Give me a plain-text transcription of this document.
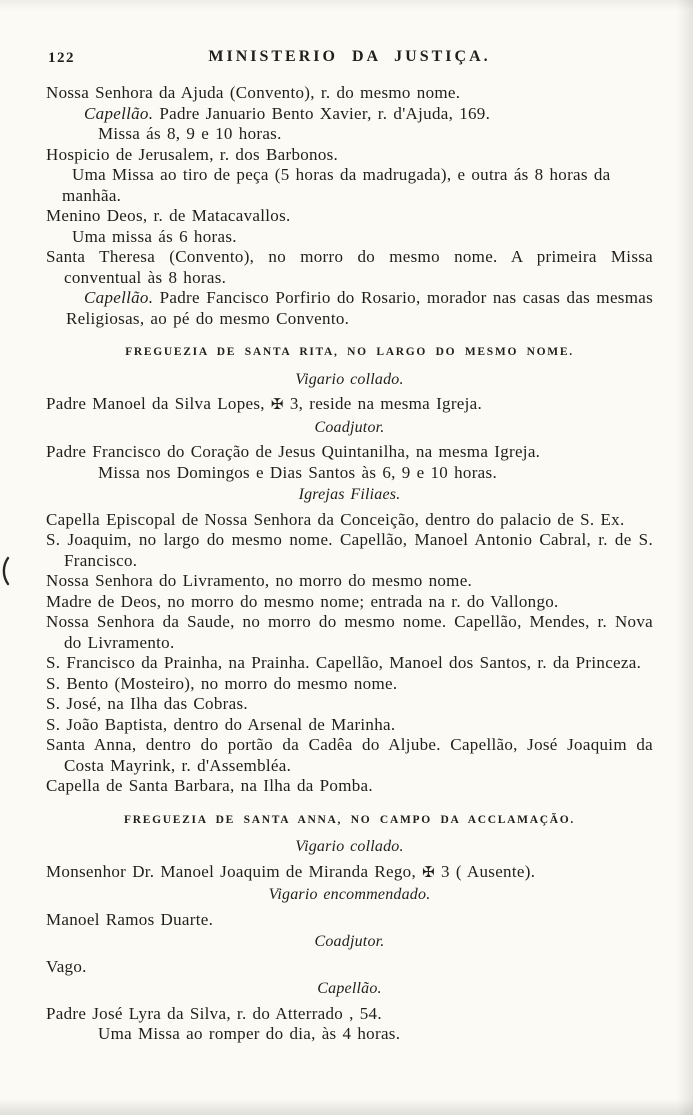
122	MINISTERIO DA JUSTIÇA.

Nossa Senhora da Ajuda (Convento), r. do mesmo nome.

Capellão. Padre Januario Bento Xavier, r. d'Ajuda, 169.

Missa ás 8, 9 e 10 horas.

Hospicio de Jerusalem, r. dos Barbonos.

Uma Missa ao tiro de peça (5 horas da madrugada), e outra ás 8 horas da manhãa.

Menino Deos, r. de Matacavallos.

Uma missa ás 6 horas.

Santa Theresa (Convento), no morro do mesmo nome. A primeira Missa conventual às 8 horas.

Capellão. Padre Fancisco Porfirio do Rosario, morador nas casas das mesmas Religiosas, ao pé do mesmo Convento.

FREGUEZIA DE SANTA RITA, NO LARGO DO MESMO NOME.

Vigario collado.

Padre Manoel da Silva Lopes, ✠ 3, reside na mesma Igreja.

Coadjutor.

Padre Francisco do Coração de Jesus Quintanilha, na mesma Igreja.

Missa nos Domingos e Dias Santos às 6, 9 e 10 horas.

Igrejas Filiaes.

Capella Episcopal de Nossa Senhora da Conceição, dentro do palacio de S. Ex.

S. Joaquim, no largo do mesmo nome. Capellão, Manoel Antonio Cabral, r. de S. Francisco.

Nossa Senhora do Livramento, no morro do mesmo nome.

Madre de Deos, no morro do mesmo nome; entrada na r. do Vallongo.

Nossa Senhora da Saude, no morro do mesmo nome. Capellão, Mendes, r. Nova do Livramento.

S. Francisco da Prainha, na Prainha. Capellão, Manoel dos Santos, r. da Princeza.

S. Bento (Mosteiro), no morro do mesmo nome.

S. José, na Ilha das Cobras.

S. João Baptista, dentro do Arsenal de Marinha.

Santa Anna, dentro do portão da Cadêa do Aljube. Capellão, José Joaquim da Costa Mayrink, r. d'Assembléa.

Capella de Santa Barbara, na Ilha da Pomba.

FREGUEZIA DE SANTA ANNA, NO CAMPO DA ACCLAMAÇÃO.

Vigario collado.

Monsenhor Dr. Manoel Joaquim de Miranda Rego, ✠ 3 ( Ausente).

Vigario encommendado.

Manoel Ramos Duarte.

Coadjutor.

Vago.

Capellão.

Padre José Lyra da Silva, r. do Atterrado , 54.

Uma Missa ao romper do dia, às 4 horas.
